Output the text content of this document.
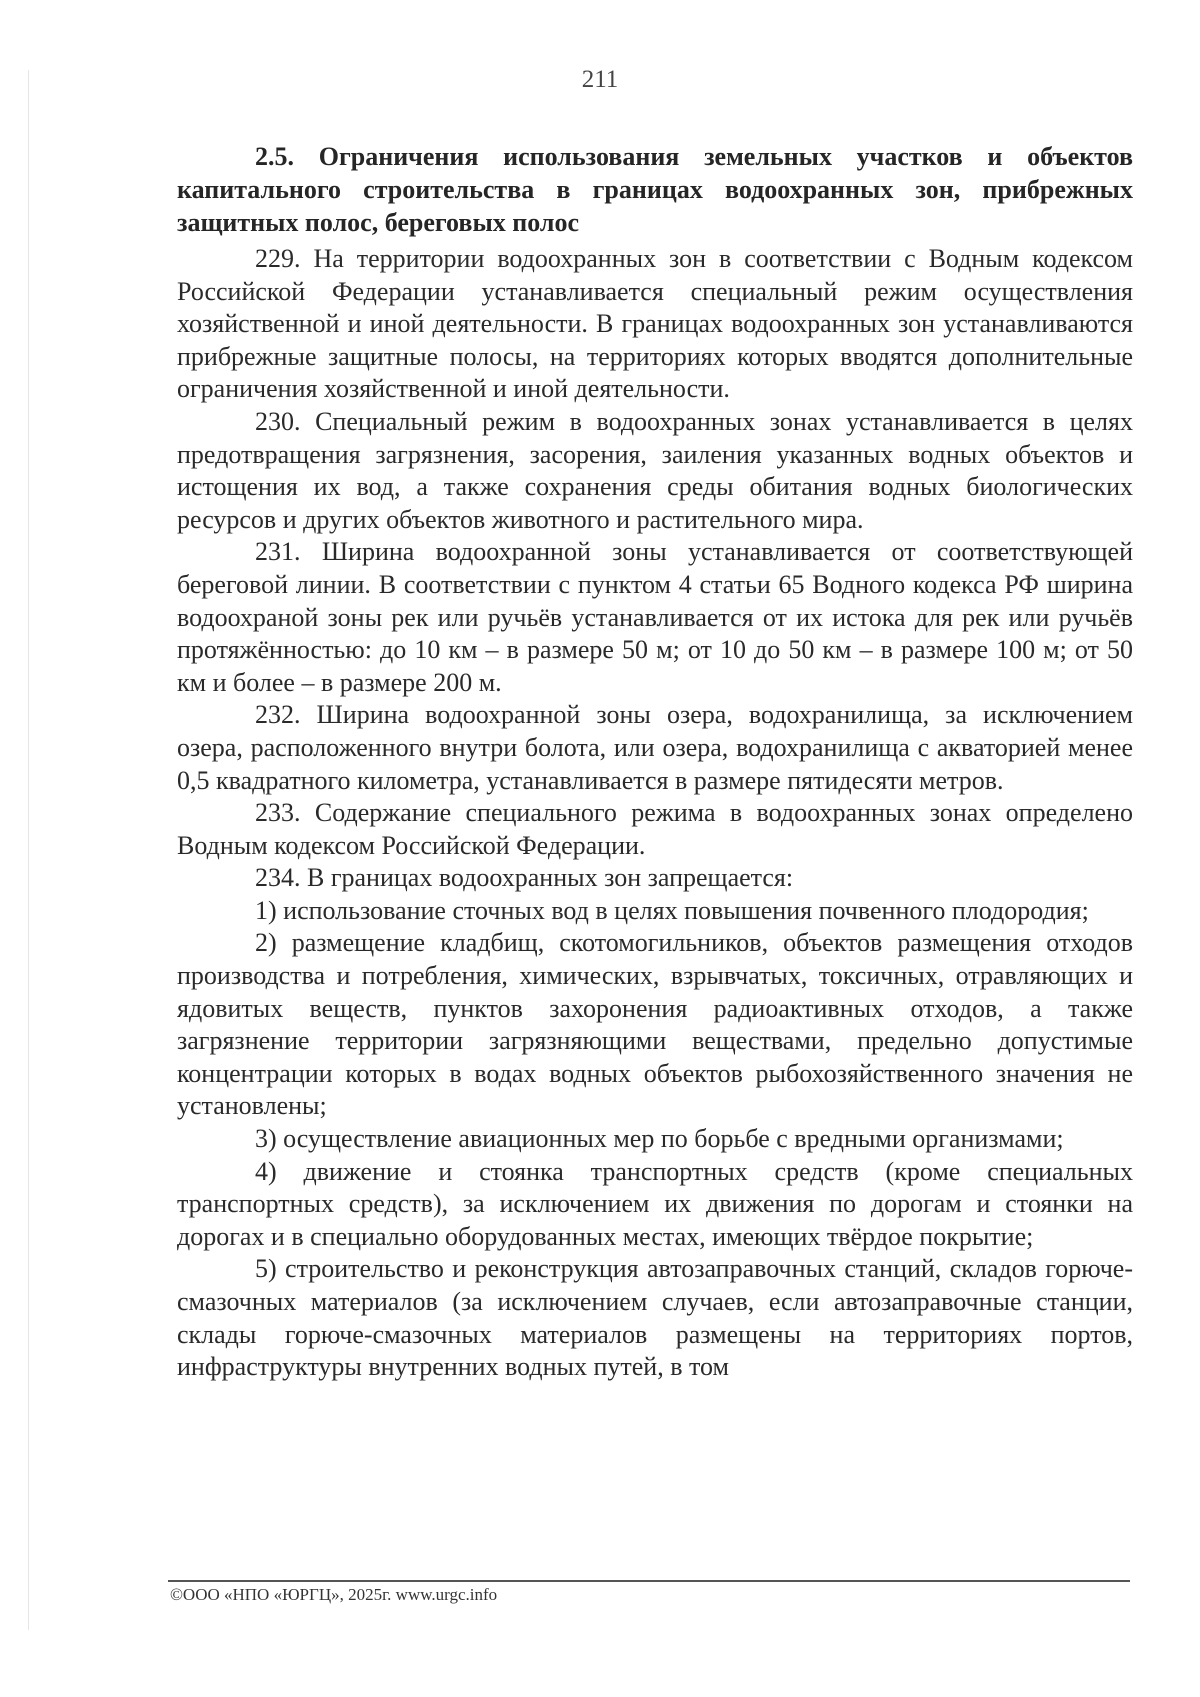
211

2.5. Ограничения использования земельных участков и объектов капитального строительства в границах водоохранных зон, прибрежных защитных полос, береговых полос

229. На территории водоохранных зон в соответствии с Водным кодексом Российской Федерации устанавливается специальный режим осуществления хозяйственной и иной деятельности. В границах водоохранных зон устанавливаются прибрежные защитные полосы, на территориях которых вводятся дополнительные ограничения хозяйственной и иной деятельности.

230. Специальный режим в водоохранных зонах устанавливается в целях предотвращения загрязнения, засорения, заиления указанных водных объектов и истощения их вод, а также сохранения среды обитания водных биологических ресурсов и других объектов животного и растительного мира.

231. Ширина водоохранной зоны устанавливается от соответствующей береговой линии. В соответствии с пунктом 4 статьи 65 Водного кодекса РФ ширина водоохраной зоны рек или ручьёв устанавливается от их истока для рек или ручьёв протяжённостью: до 10 км – в размере 50 м; от 10 до 50 км – в размере 100 м; от 50 км и более – в размере 200 м.

232. Ширина водоохранной зоны озера, водохранилища, за исключением озера, расположенного внутри болота, или озера, водохранилища с акваторией менее 0,5 квадратного километра, устанавливается в размере пятидесяти метров.

233. Содержание специального режима в водоохранных зонах определено Водным кодексом Российской Федерации.

234. В границах водоохранных зон запрещается:

1) использование сточных вод в целях повышения почвенного плодородия;

2) размещение кладбищ, скотомогильников, объектов размещения отходов производства и потребления, химических, взрывчатых, токсичных, отравляющих и ядовитых веществ, пунктов захоронения радиоактивных отходов, а также загрязнение территории загрязняющими веществами, предельно допустимые концентрации которых в водах водных объектов рыбохозяйственного значения не установлены;

3) осуществление авиационных мер по борьбе с вредными организмами;

4) движение и стоянка транспортных средств (кроме специальных транспортных средств), за исключением их движения по дорогам и стоянки на дорогах и в специально оборудованных местах, имеющих твёрдое покрытие;

5) строительство и реконструкция автозаправочных станций, складов горюче-смазочных материалов (за исключением случаев, если автозаправочные станции, склады горюче-смазочных материалов размещены на территориях портов, инфраструктуры внутренних водных путей, в том

©ООО «НПО «ЮРГЦ», 2025г. www.urgc.info
